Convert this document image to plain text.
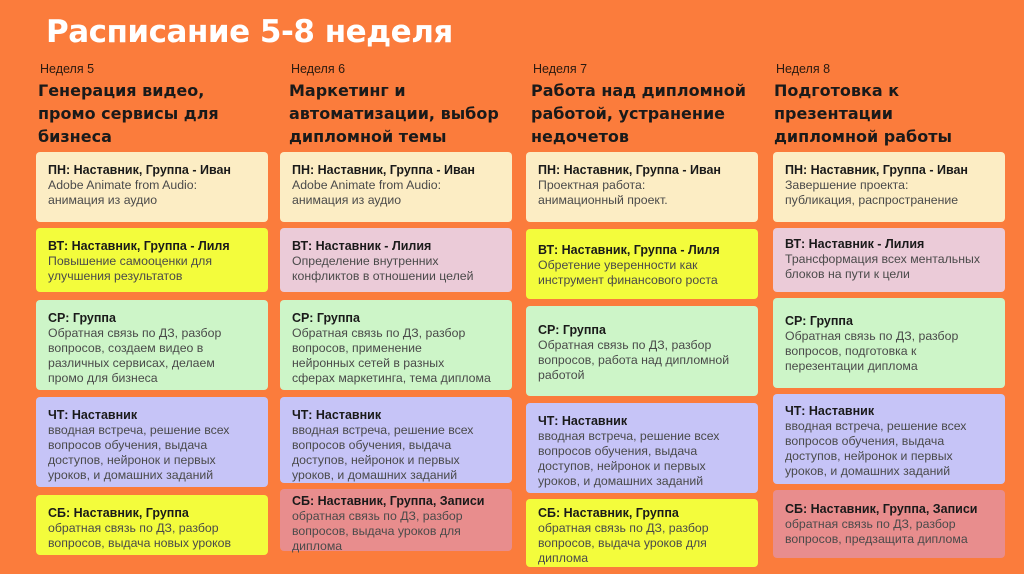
Расписание 5-8 неделя
Неделя 5
Генерация видео,
промо сервисы для
бизнеса
ПН: Наставник, Группа - Иван
Adobe Animate from Audio:
анимация из аудио
ВТ: Наставник, Группа - Лиля
Повышение самооценки для
улучшения результатов
СР: Группа
Обратная связь по ДЗ, разбор
вопросов, создаем видео в
различных сервисах, делаем
промо для бизнеса
ЧТ: Наставник
вводная встреча, решение всех
вопросов обучения, выдача
доступов, нейронок и первых
уроков, и домашних заданий
СБ: Наставник, Группа
обратная связь по ДЗ, разбор
вопросов, выдача новых уроков
Неделя 6
Маркетинг и
автоматизации, выбор
дипломной темы
ПН: Наставник, Группа - Иван
Adobe Animate from Audio:
анимация из аудио
ВТ: Наставник - Лилия
Определение внутренних
конфликтов в отношении целей
СР: Группа
Обратная связь по ДЗ, разбор
вопросов, применение
нейронных сетей в разных
сферах маркетинга, тема диплома
ЧТ: Наставник
вводная встреча, решение всех
вопросов обучения, выдача
доступов, нейронок и первых
уроков, и домашних заданий
СБ: Наставник, Группа, Записи
обратная связь по ДЗ, разбор
вопросов, выдача уроков для
диплома
Неделя 7
Работа над дипломной
работой, устранение
недочетов
ПН: Наставник, Группа - Иван
Проектная работа:
анимационный проект.
ВТ: Наставник, Группа - Лиля
Обретение уверенности как
инструмент финансового роста
СР: Группа
Обратная связь по ДЗ, разбор
вопросов, работа над дипломной
работой
ЧТ: Наставник
вводная встреча, решение всех
вопросов обучения, выдача
доступов, нейронок и первых
уроков, и домашних заданий
СБ: Наставник, Группа
обратная связь по ДЗ, разбор
вопросов, выдача уроков для
диплома
Неделя 8
Подготовка к
презентации
дипломной работы
ПН: Наставник, Группа - Иван
Завершение проекта:
публикация, распространение
ВТ: Наставник - Лилия
Трансформация всех ментальных
блоков на пути к цели
СР: Группа
Обратная связь по ДЗ, разбор
вопросов, подготовка к
перезентации диплома
ЧТ: Наставник
вводная встреча, решение всех
вопросов обучения, выдача
доступов, нейронок и первых
уроков, и домашних заданий
СБ: Наставник, Группа, Записи
обратная связь по ДЗ, разбор
вопросов, предзащита диплома
